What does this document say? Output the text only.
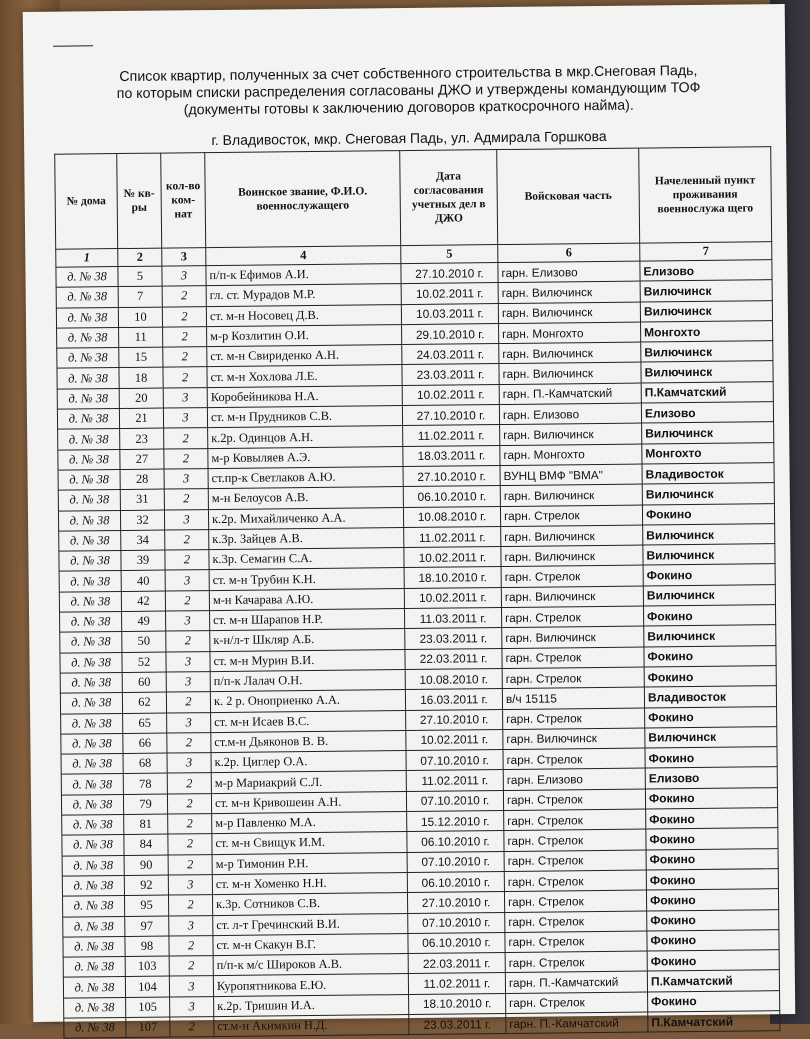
Список квартир, полученных за счет собственного строительства в мкр.Снеговая Падь,
по которым списки распределения согласованы ДЖО и утверждены командующим ТОФ
(документы готовы к заключению договоров краткосрочного найма).
г. Владивосток, мкр. Снеговая Падь, ул. Адмирала Горшкова
№ дома	№ кв-ры	кол-во ком-нат	Воинское звание, Ф.И.О. военнослужащего	Дата согласования учетных дел в ДЖО	Войсковая часть	Начеленный пункт проживания военнослужа щего
1	2	3	4	5	6	7
д. № 38	5	3	п/п-к Ефимов А.И.	27.10.2010 г.	гарн. Елизово	Елизово
д. № 38	7	2	гл. ст. Мурадов М.Р.	10.02.2011 г.	гарн. Вилючинск	Вилючинск
д. № 38	10	2	ст. м-н Носовец Д.В.	10.03.2011 г.	гарн. Вилючинск	Вилючинск
д. № 38	11	2	м-р Козлитин О.И.	29.10.2010 г.	гарн. Монгохто	Монгохто
д. № 38	15	2	ст. м-н Свириденко А.Н.	24.03.2011 г.	гарн. Вилючинск	Вилючинск
д. № 38	18	2	ст. м-н Хохлова Л.Е.	23.03.2011 г.	гарн. Вилючинск	Вилючинск
д. № 38	20	3	Коробейникова Н.А.	10.02.2011 г.	гарн. П.-Камчатский	П.Камчатский
д. № 38	21	3	ст. м-н Прудников С.В.	27.10.2010 г.	гарн. Елизово	Елизово
д. № 38	23	2	к.2р. Одинцов А.Н.	11.02.2011 г.	гарн. Вилючинск	Вилючинск
д. № 38	27	2	м-р Ковыляев А.Э.	18.03.2011 г.	гарн. Монгохто	Монгохто
д. № 38	28	3	ст.пр-к Светлаков А.Ю.	27.10.2010 г.	ВУНЦ ВМФ "ВМА"	Владивосток
д. № 38	31	2	м-н Белоусов А.В.	06.10.2010 г.	гарн. Вилючинск	Вилючинск
д. № 38	32	3	к.2р. Михайличенко А.А.	10.08.2010 г.	гарн. Стрелок	Фокино
д. № 38	34	2	к.3р. Зайцев А.В.	11.02.2011 г.	гарн. Вилючинск	Вилючинск
д. № 38	39	2	к.3р. Семагин С.А.	10.02.2011 г.	гарн. Вилючинск	Вилючинск
д. № 38	40	3	ст. м-н Трубин К.Н.	18.10.2010 г.	гарн. Стрелок	Фокино
д. № 38	42	2	м-н Качарава А.Ю.	10.02.2011 г.	гарн. Вилючинск	Вилючинск
д. № 38	49	3	ст. м-н Шарапов Н.Р.	11.03.2011 г.	гарн. Стрелок	Фокино
д. № 38	50	2	к-н/л-т Шкляр А.Б.	23.03.2011 г.	гарн. Вилючинск	Вилючинск
д. № 38	52	3	ст. м-н Мурин В.И.	22.03.2011 г.	гарн. Стрелок	Фокино
д. № 38	60	3	п/п-к Лалач О.Н.	10.08.2010 г.	гарн. Стрелок	Фокино
д. № 38	62	2	к. 2 р. Оноприенко А.А.	16.03.2011 г.	в/ч 15115	Владивосток
д. № 38	65	3	ст. м-н Исаев В.С.	27.10.2010 г.	гарн. Стрелок	Фокино
д. № 38	66	2	ст.м-н Дьяконов В. В.	10.02.2011 г.	гарн. Вилючинск	Вилючинск
д. № 38	68	3	к.2р. Циглер О.А.	07.10.2010 г.	гарн. Стрелок	Фокино
д. № 38	78	2	м-р Мариакрий С.Л.	11.02.2011 г.	гарн. Елизово	Елизово
д. № 38	79	2	ст. м-н Кривошеин А.Н.	07.10.2010 г.	гарн. Стрелок	Фокино
д. № 38	81	2	м-р Павленко М.А.	15.12.2010 г.	гарн. Стрелок	Фокино
д. № 38	84	2	ст. м-н Свищук И.М.	06.10.2010 г.	гарн. Стрелок	Фокино
д. № 38	90	2	м-р Тимонин Р.Н.	07.10.2010 г.	гарн. Стрелок	Фокино
д. № 38	92	3	ст. м-н Хоменко Н.Н.	06.10.2010 г.	гарн. Стрелок	Фокино
д. № 38	95	2	к.3р. Сотников С.В.	27.10.2010 г.	гарн. Стрелок	Фокино
д. № 38	97	3	ст. л-т Гречинский В.И.	07.10.2010 г.	гарн. Стрелок	Фокино
д. № 38	98	2	ст. м-н Скакун В.Г.	06.10.2010 г.	гарн. Стрелок	Фокино
д. № 38	103	2	п/п-к м/с Широков А.В.	22.03.2011 г.	гарн. Стрелок	Фокино
д. № 38	104	3	Куропятникова Е.Ю.	11.02.2011 г.	гарн. П.-Камчатский	П.Камчатский
д. № 38	105	3	к.2р. Тришин И.А.	18.10.2010 г.	гарн. Стрелок	Фокино
д. № 38	107	2	ст.м-н Акимкин Н.Д.	23.03.2011 г.	гарн. П.-Камчатский	П.Камчатский
